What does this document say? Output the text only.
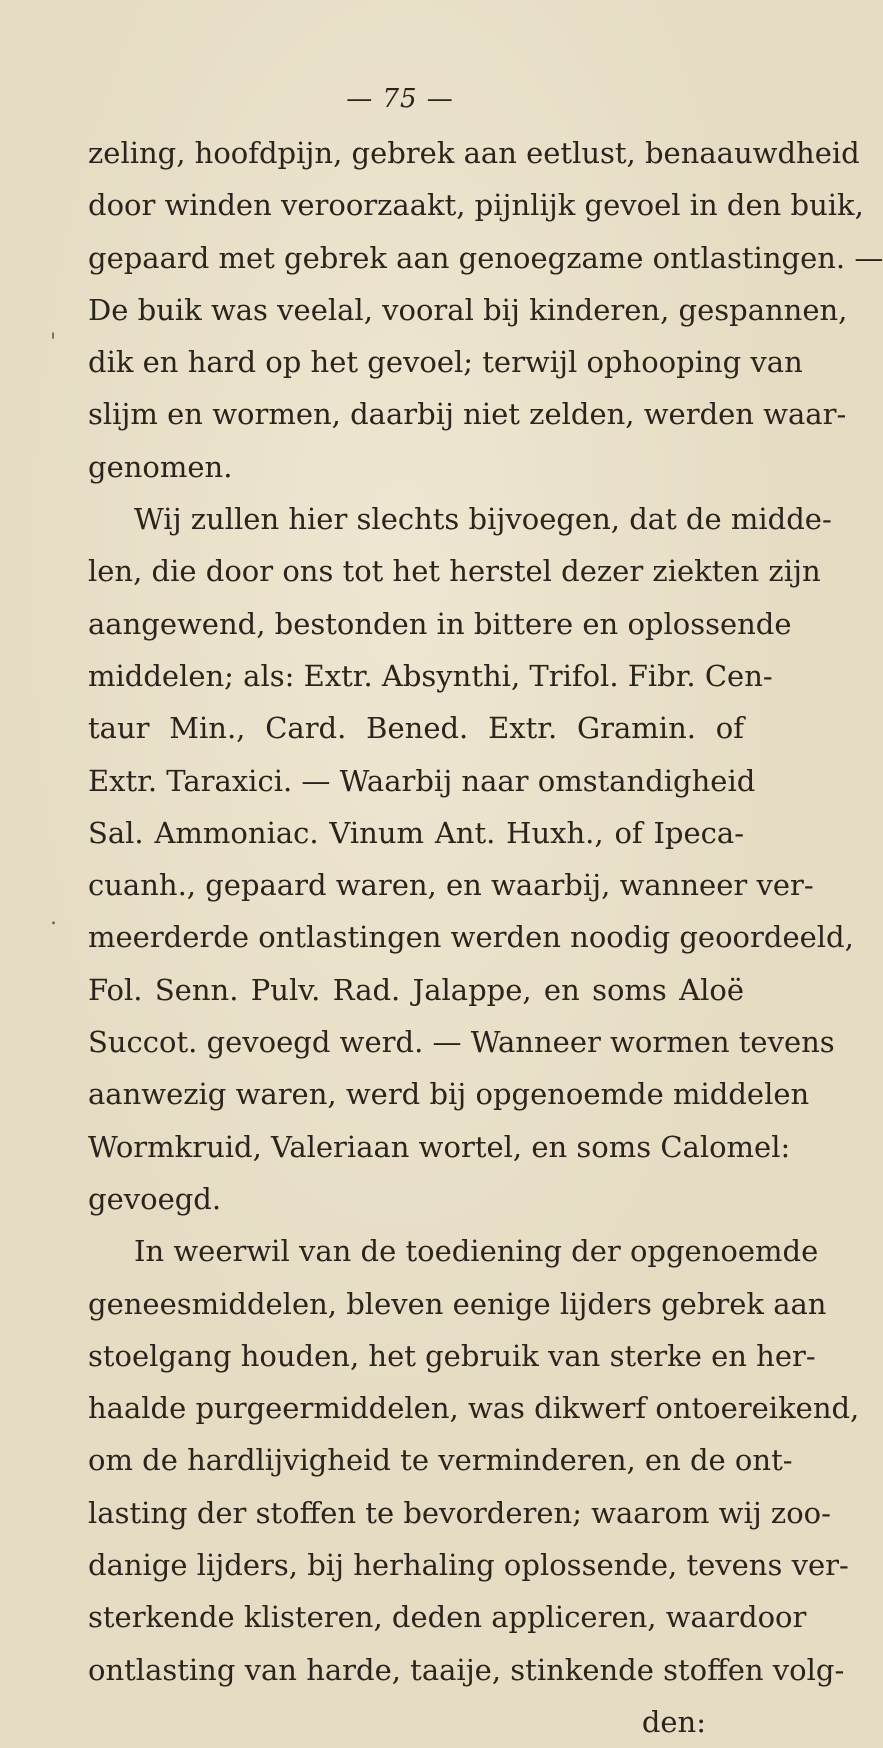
— 75 —
'
.
zeling, hoofdpijn, gebrek aan eetlust, benaauwdheid
door winden veroorzaakt, pijnlijk gevoel in den buik,
gepaard met gebrek aan genoegzame ontlastingen. —
De buik was veelal, vooral bij kinderen, gespannen,
dik en hard op het gevoel; terwijl ophooping van
slijm en wormen, daarbij niet zelden, werden waar-
genomen.
Wij zullen hier slechts bijvoegen, dat de midde-
len, die door ons tot het herstel dezer ziekten zijn
aangewend, bestonden in bittere en oplossende
middelen; als: Extr. Absynthi, Trifol. Fibr. Cen-
taur Min., Card. Bened. Extr. Gramin. of
Extr. Taraxici. — Waarbij naar omstandigheid
Sal. Ammoniac. Vinum Ant. Huxh., of Ipeca-
cuanh., gepaard waren, en waarbij, wanneer ver-
meerderde ontlastingen werden noodig geoordeeld,
Fol. Senn. Pulv. Rad. Jalappe, en soms Aloë
Succot. gevoegd werd. — Wanneer wormen tevens
aanwezig waren, werd bij opgenoemde middelen
Wormkruid, Valeriaan wortel, en soms Calomel:
gevoegd.
In weerwil van de toediening der opgenoemde
geneesmiddelen, bleven eenige lijders gebrek aan
stoelgang houden, het gebruik van sterke en her-
haalde purgeermiddelen, was dikwerf ontoereikend,
om de hardlijvigheid te verminderen, en de ont-
lasting der stoffen te bevorderen; waarom wij zoo-
danige lijders, bij herhaling oplossende, tevens ver-
sterkende klisteren, deden appliceren, waardoor
ontlasting van harde, taaije, stinkende stoffen volg-
den:
